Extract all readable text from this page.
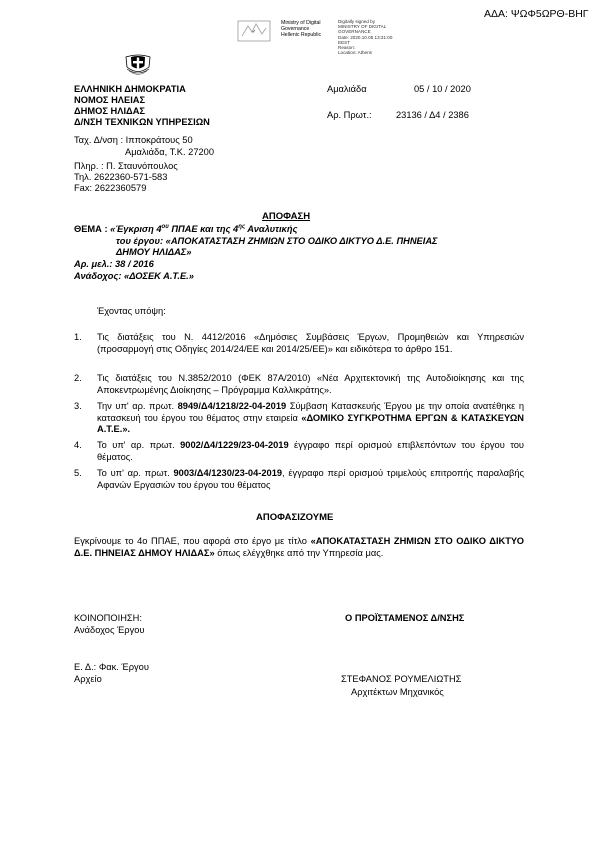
ΑΔΑ: ΨΩΦ5ΩΡΘ-ΒΗΓ
✔
Ministry of Digital
Governance
Hellenic Republic
Digitally signed by
MINISTRY OF DIGITAL
GOVERNANCE
Date: 2020.10.05 13:31:00
EEST
Reason:
Location: Athens
ΕΛΛΗΝΙΚΗ ΔΗΜΟΚΡΑΤΙΑ
ΝΟΜΟΣ ΗΛΕΙΑΣ
ΔΗΜΟΣ ΗΛΙΔΑΣ
Δ/ΝΣΗ ΤΕΧΝΙΚΩΝ ΥΠΗΡΕΣΙΩΝ
Ταχ. Δ/νση : Ιπποκράτους 50
Αμαλιάδα, Τ.Κ. 27200
Πληρ. : Π. Σταυνόπουλος
Τηλ. 2622360-571-583
Fax: 2622360579
Αμαλιάδα	05 / 10 / 2020
Αρ. Πρωτ.:	23136 / Δ4 / 2386
ΑΠΟΦΑΣΗ
ΘΕΜΑ : «Έγκριση $4^{o\upsilon}$ ΠΠΑΕ και της $4^{\eta\varsigma}$ Αναλυτικής
του έργου: «ΑΠΟΚΑΤΑΣΤΑΣΗ ΖΗΜΙΩΝ ΣΤΟ ΟΔΙΚΟ ΔΙΚΤΥΟ Δ.Ε. ΠΗΝΕΙΑΣ
ΔΗΜΟΥ ΗΛΙΔΑΣ»
Αρ. μελ.: 38 / 2016
Ανάδοχος: «ΔΟΣΕΚ Α.Τ.Ε.»
Έχοντας υπόψη:
1. Τις διατάξεις του Ν. 4412/2016 «Δημόσιες Συμβάσεις Έργων, Προμηθειών και Υπηρεσιών (προσαρμογή στις Οδηγίες 2014/24/ΕΕ και 2014/25/ΕΕ)» και ειδικότερα το άρθρο 151.
2. Τις διατάξεις του Ν.3852/2010 (ΦΕΚ 87Α/2010) «Νέα Αρχιτεκτονική της Αυτοδιοίκησης και της Αποκεντρωμένης Διοίκησης – Πρόγραμμα Καλλικράτης».
3. Την υπ' αρ. πρωτ. 8949/Δ4/1218/22-04-2019 Σύμβαση Κατασκευής Έργου με την οποία ανατέθηκε η κατασκευή του έργου του θέματος στην εταιρεία «ΔΟΜΙΚΟ ΣΥΓΚΡΟΤΗΜΑ ΕΡΓΩΝ & ΚΑΤΑΣΚΕΥΩΝ Α.Τ.Ε.».
4. Το υπ' αρ. πρωτ. 9002/Δ4/1229/23-04-2019 έγγραφο περί ορισμού επιβλεπόντων του έργου του θέματος.
5. Το υπ' αρ. πρωτ. 9003/Δ4/1230/23-04-2019, έγγραφο περί ορισμού τριμελούς επιτροπής παραλαβής Αφανών Εργασιών του έργου του θέματος
ΑΠΟΦΑΣΙΖΟΥΜΕ
Εγκρίνουμε το 4ο ΠΠΑΕ, που αφορά στο έργο με τίτλο «ΑΠΟΚΑΤΑΣΤΑΣΗ ΖΗΜΙΩΝ ΣΤΟ ΟΔΙΚΟ ΔΙΚΤΥΟ Δ.Ε. ΠΗΝΕΙΑΣ ΔΗΜΟΥ ΗΛΙΔΑΣ» όπως ελέγχθηκε από την Υπηρεσία μας.
ΚΟΙΝΟΠΟΙΗΣΗ:
Ανάδοχος Έργου
Ε. Δ.: Φακ. Έργου
Αρχείο
Ο ΠΡΟΪΣΤΑΜΕΝΟΣ Δ/ΝΣΗΣ
ΣΤΕΦΑΝΟΣ ΡΟΥΜΕΛΙΩΤΗΣ
Αρχιτέκτων Μηχανικός
